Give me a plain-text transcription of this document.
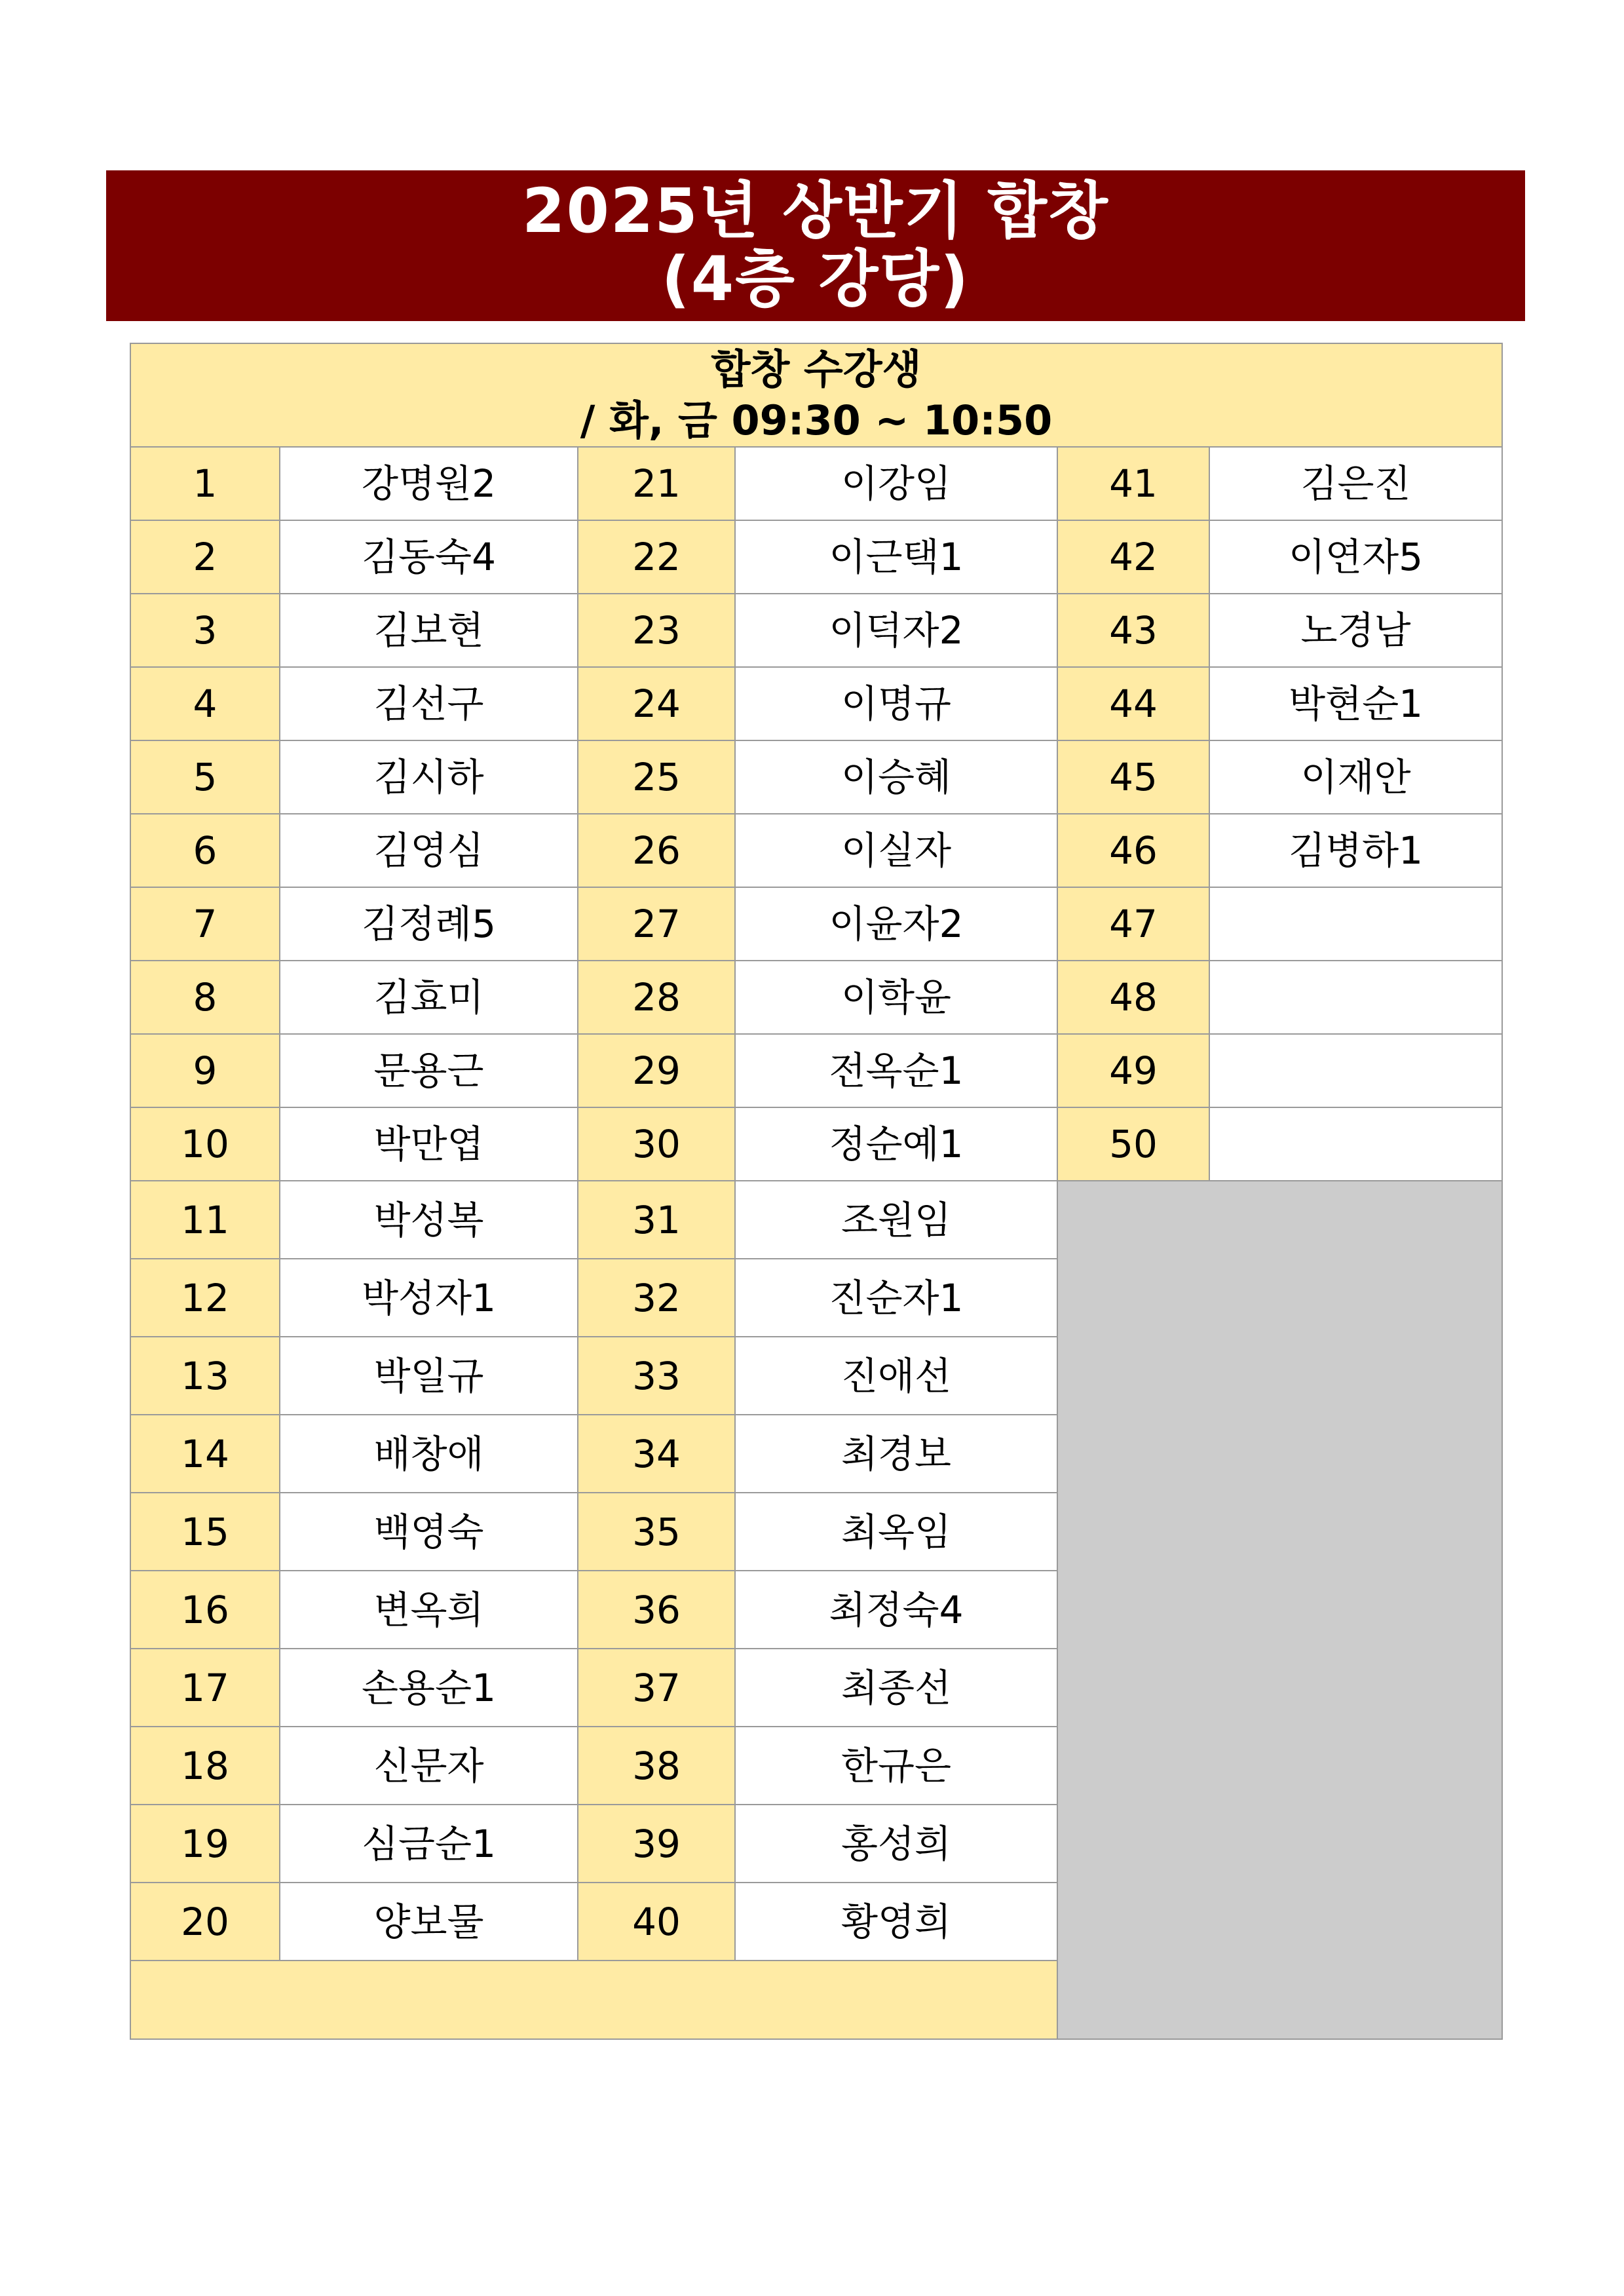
2025년 상반기 합창
(4층 강당)
합창 수강생
/ 화, 금 09:30 ~ 10:50					

1	강명원2	21	이강임	41	김은진
2	김동숙4	22	이근택1	42	이연자5
3	김보현	23	이덕자2	43	노경남
4	김선구	24	이명규	44	박현순1
5	김시하	25	이승혜	45	이재안
6	김영심	26	이실자	46	김병하1
7	김정례5	27	이윤자2	47	
8	김효미	28	이학윤	48	
9	문용근	29	전옥순1	49	
10	박만엽	30	정순예1	50	
11	박성복	31	조원임		
12	박성자1	32	진순자1		
13	박일규	33	진애선		
14	배창애	34	최경보		
15	백영숙	35	최옥임		
16	변옥희	36	최정숙4		
17	손용순1	37	최종선		
18	신문자	38	한규은		
19	심금순1	39	홍성희		
20	양보물	40	황영희		
